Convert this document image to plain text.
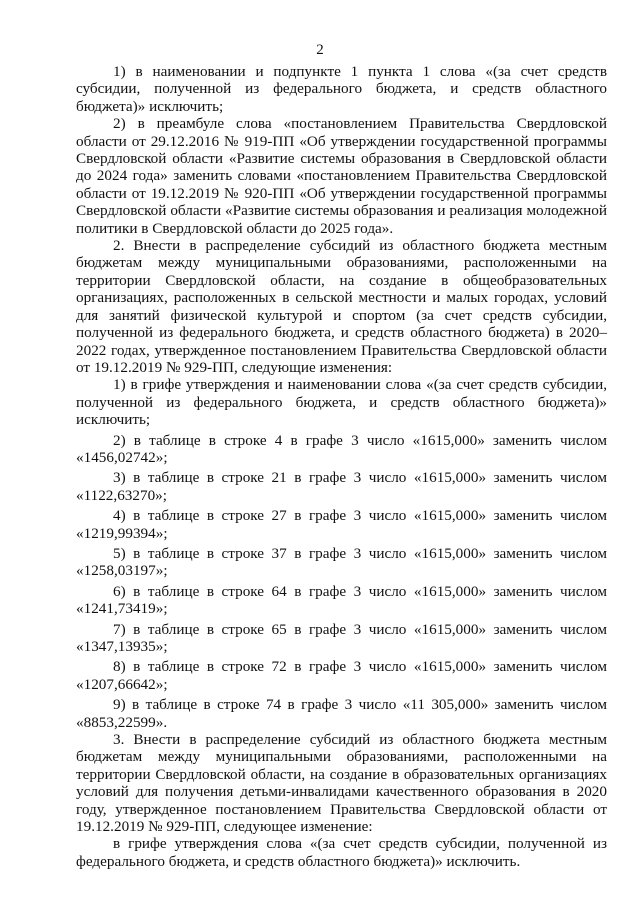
2

1) в наименовании и подпункте 1 пункта 1 слова «(за счет средств субсидии, полученной из федерального бюджета, и средств областного бюджета)» исключить;

2) в преамбуле слова «постановлением Правительства Свердловской области от 29.12.2016 № 919-ПП «Об утверждении государственной программы Свердловской области «Развитие системы образования в Свердловской области до 2024 года» заменить словами «постановлением Правительства Свердловской области от 19.12.2019 № 920-ПП «Об утверждении государственной программы Свердловской области «Развитие системы образования и реализация молодежной политики в Свердловской области до 2025 года».

2. Внести в распределение субсидий из областного бюджета местным бюджетам между муниципальными образованиями, расположенными на территории Свердловской области, на создание в общеобразовательных организациях, расположенных в сельской местности и малых городах, условий для занятий физической культурой и спортом (за счет средств субсидии, полученной из федерального бюджета, и средств областного бюджета) в 2020–2022 годах, утвержденное постановлением Правительства Свердловской области от 19.12.2019 № 929-ПП, следующие изменения:

1) в грифе утверждения и наименовании слова «(за счет средств субсидии, полученной из федерального бюджета, и средств областного бюджета)» исключить;

2) в таблице в строке 4 в графе 3 число «1615,000» заменить числом «1456,02742»;

3) в таблице в строке 21 в графе 3 число «1615,000» заменить числом «1122,63270»;

4) в таблице в строке 27 в графе 3 число «1615,000» заменить числом «1219,99394»;

5) в таблице в строке 37 в графе 3 число «1615,000» заменить числом «1258,03197»;

6) в таблице в строке 64 в графе 3 число «1615,000» заменить числом «1241,73419»;

7) в таблице в строке 65 в графе 3 число «1615,000» заменить числом «1347,13935»;

8) в таблице в строке 72 в графе 3 число «1615,000» заменить числом «1207,66642»;

9) в таблице в строке 74 в графе 3 число «11 305,000» заменить числом «8853,22599».

3. Внести в распределение субсидий из областного бюджета местным бюджетам между муниципальными образованиями, расположенными на территории Свердловской области, на создание в образовательных организациях условий для получения детьми-инвалидами качественного образования в 2020 году, утвержденное постановлением Правительства Свердловской области от 19.12.2019 № 929-ПП, следующее изменение:

в грифе утверждения слова «(за счет средств субсидии, полученной из федерального бюджета, и средств областного бюджета)» исключить.
